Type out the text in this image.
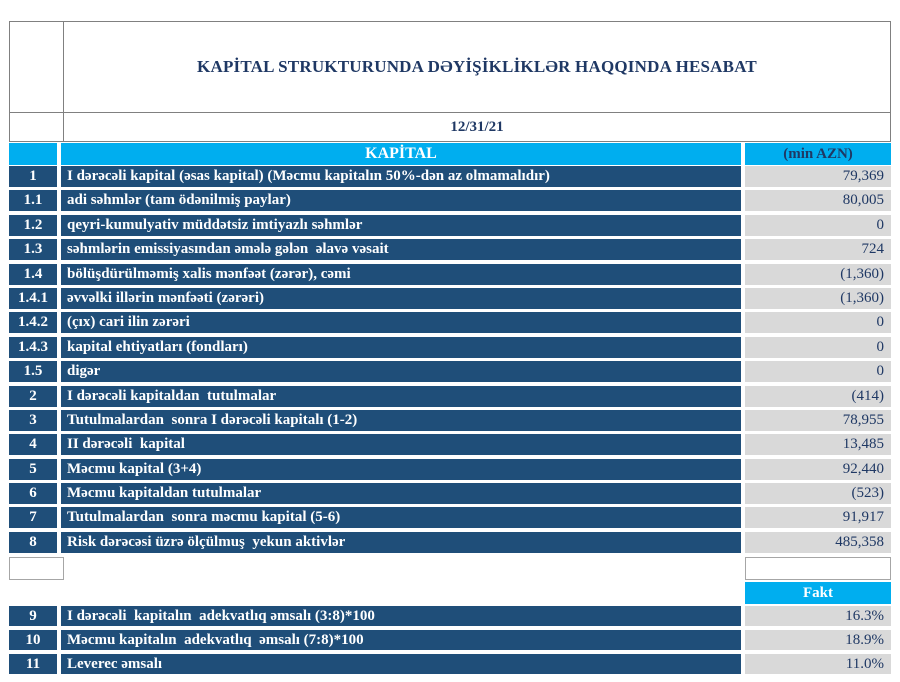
KAPİTAL STRUKTURUNDA DƏYİŞİKLİKLƏR HAQQINDA HESABAT
12/31/21
KAPİTAL	(min AZN)
1	I dərəcəli kapital (əsas kapital) (Məcmu kapitalın 50%-dən az olmamalıdır)	79,369
1.1	adi səhmlər (tam ödənilmiş paylar)	80,005
1.2	qeyri-kumulyativ müddətsiz imtiyazlı səhmlər	0
1.3	səhmlərin emissiyasından əmələ gələn  əlavə vəsait	724
1.4	bölüşdürülməmiş xalis mənfəət (zərər), cəmi	(1,360)
1.4.1	əvvəlki illərin mənfəəti (zərəri)	(1,360)
1.4.2	(çıx) cari ilin zərəri	0
1.4.3	kapital ehtiyatları (fondları)	0
1.5	digər	0
2	I dərəcəli kapitaldan  tutulmalar	(414)
3	Tutulmalardan  sonra I dərəcəli kapitalı (1-2)	78,955
4	II dərəcəli  kapital	13,485
5	Məcmu kapital (3+4)	92,440
6	Məcmu kapitaldan tutulmalar	(523)
7	Tutulmalardan  sonra məcmu kapital (5-6)	91,917
8	Risk dərəcəsi üzrə ölçülmuş  yekun aktivlər	485,358
Fakt
9	I dərəcəli  kapitalın  adekvatlıq əmsalı (3:8)*100	16.3%
10	Məcmu kapitalın  adekvatlıq  əmsalı (7:8)*100	18.9%
11	Leverec əmsalı	11.0%
